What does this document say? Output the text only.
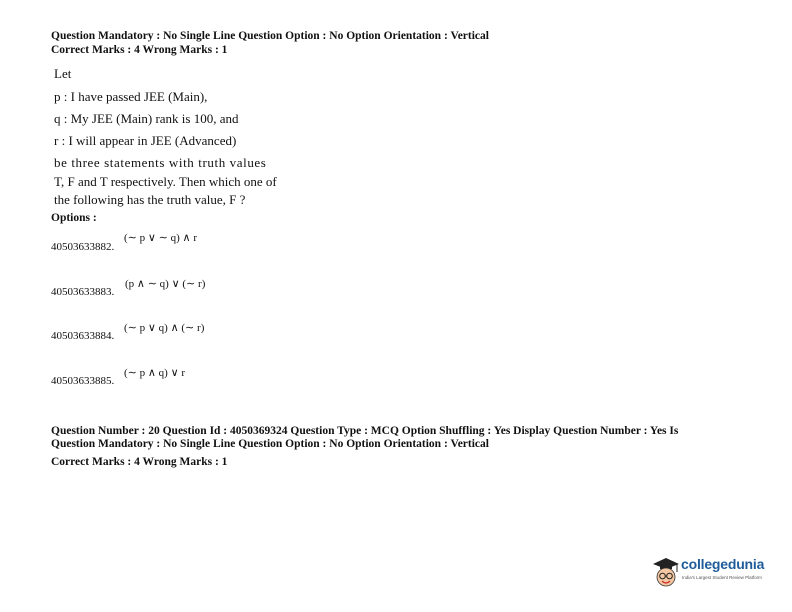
Question Mandatory : No Single Line Question Option : No Option Orientation : Vertical
Correct Marks : 4 Wrong Marks : 1
Let
p : I have passed JEE (Main),
q : My JEE (Main) rank is 100, and
r : I will appear in JEE (Advanced)
be three statements with truth values
T, F and T respectively. Then which one of
the following has the truth value, F ?
Options :
40503633882.
(∼ p ∨ ∼ q) ∧ r
40503633883.
(p ∧ ∼ q) ∨ (∼ r)
40503633884.
(∼ p ∨ q) ∧ (∼ r)
40503633885.
(∼ p ∧ q) ∨ r
Question Number : 20 Question Id : 4050369324 Question Type : MCQ Option Shuffling : Yes Display Question Number : Yes Is
Question Mandatory : No Single Line Question Option : No Option Orientation : Vertical
Correct Marks : 4 Wrong Marks : 1
collegedunia
India's Largest Student Review Platform
